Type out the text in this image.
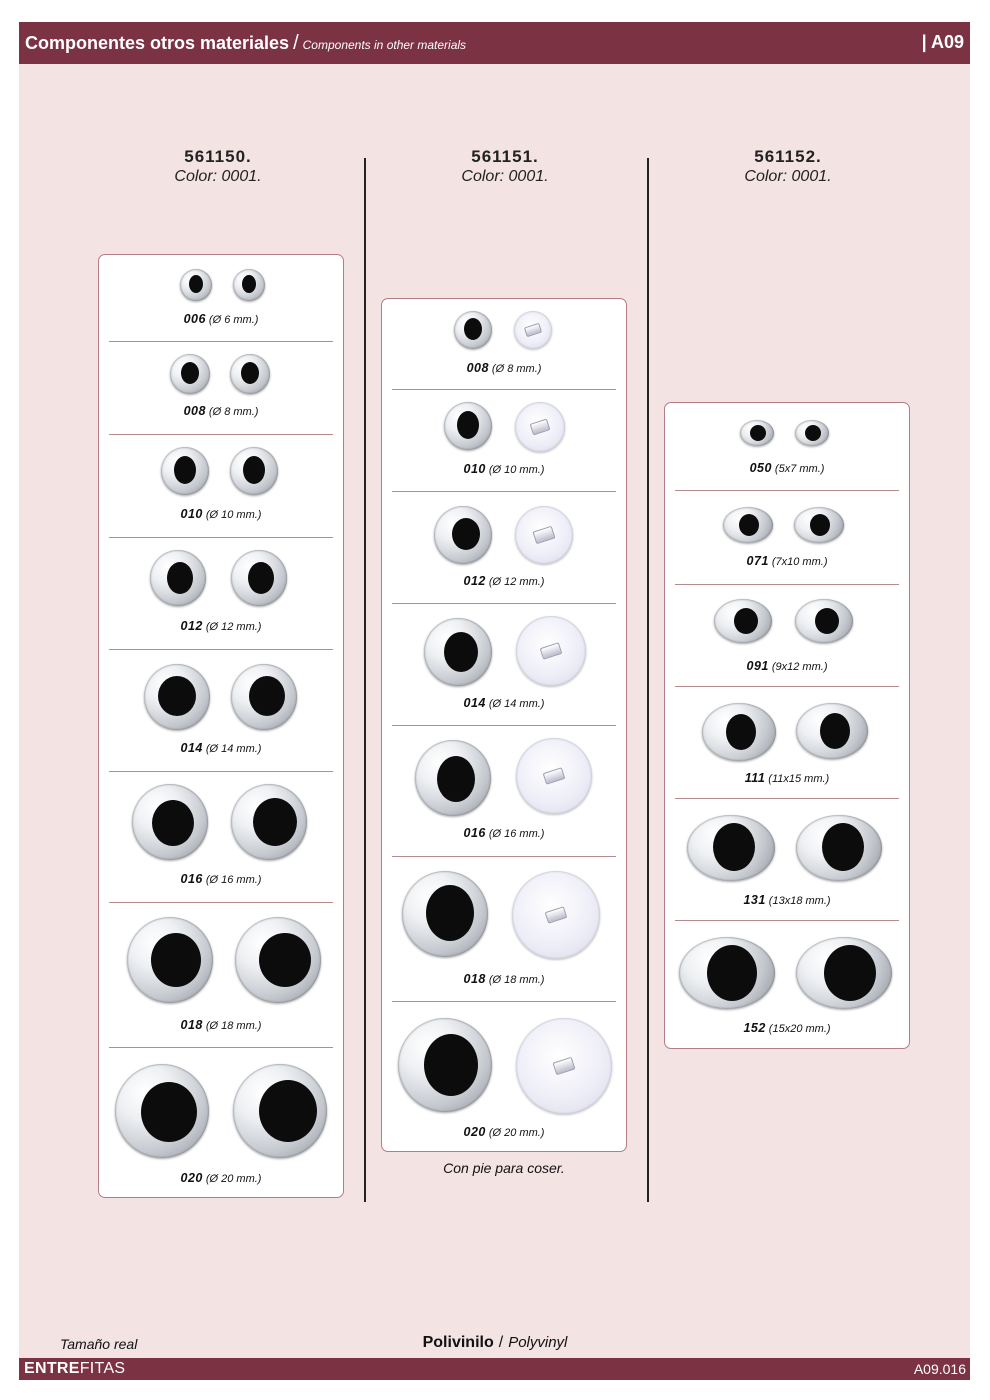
Componentes otros materiales / Components in other materials	| A09
561150.
Color: 0001.
561151.
Color: 0001.
561152.
Color: 0001.
006 (Ø 6 mm.)
008 (Ø 8 mm.)
010 (Ø 10 mm.)
012 (Ø 12 mm.)
014 (Ø 14 mm.)
016 (Ø 16 mm.)
018 (Ø 18 mm.)
020 (Ø 20 mm.)
008 (Ø 8 mm.)
010 (Ø 10 mm.)
012 (Ø 12 mm.)
014 (Ø 14 mm.)
016 (Ø 16 mm.)
018 (Ø 18 mm.)
020 (Ø 20 mm.)
Con pie para coser.
050 (5x7 mm.)
071 (7x10 mm.)
091 (9x12 mm.)
111 (11x15 mm.)
131 (13x18 mm.)
152 (15x20 mm.)
Tamaño real	Polivinilo / Polyvinyl
ENTREFITAS	A09.016
